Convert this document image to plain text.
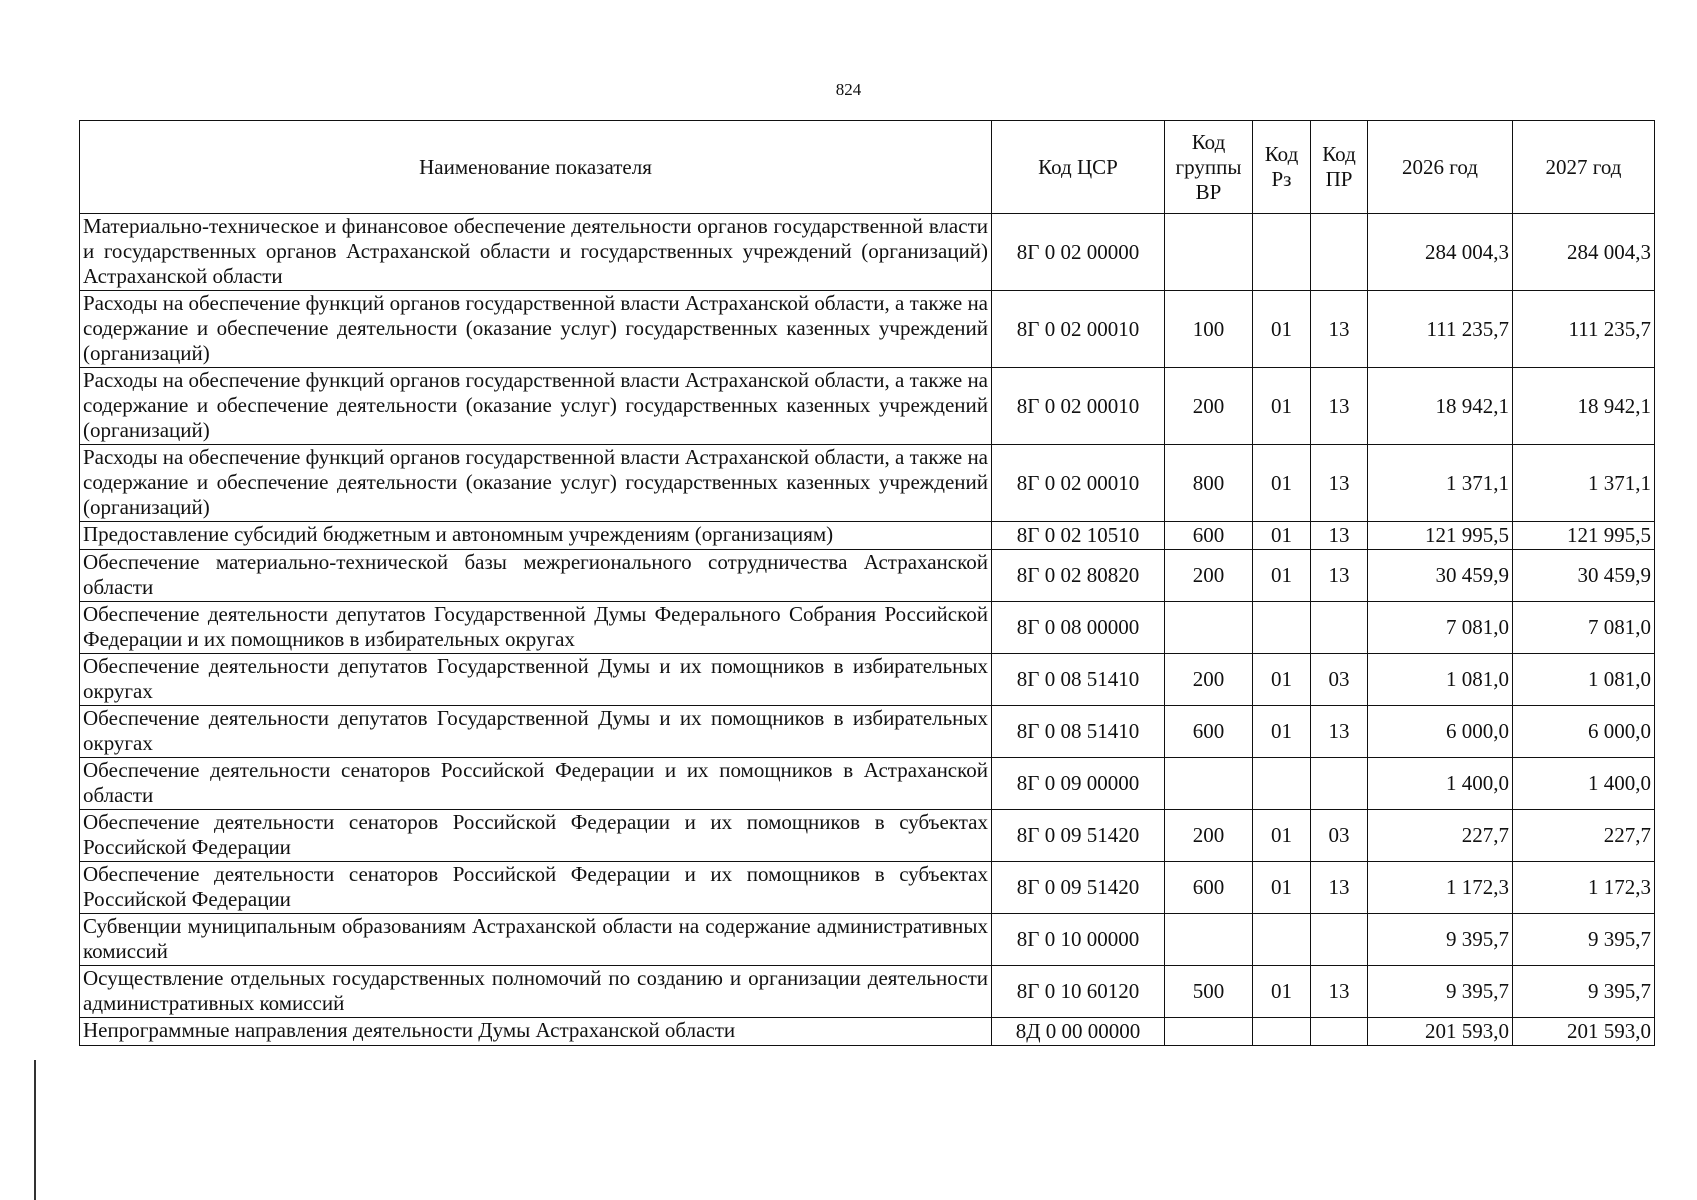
824
Наименование показателя	Код ЦСР	Код группы ВР	Код Рз	Код ПР	2026 год	2027 год
Материально-техническое и финансовое обеспечение деятельности органов государственной власти и государственных органов Астраханской области и государственных учреждений (организаций) Астраханской области	8Г 0 02 00000				284 004,3	284 004,3
Расходы на обеспечение функций органов государственной власти Астраханской области, а также на содержание и обеспечение деятельности (оказание услуг) государственных казенных учреждений (организаций)	8Г 0 02 00010	100	01	13	111 235,7	111 235,7
Расходы на обеспечение функций органов государственной власти Астраханской области, а также на содержание и обеспечение деятельности (оказание услуг) государственных казенных учреждений (организаций)	8Г 0 02 00010	200	01	13	18 942,1	18 942,1
Расходы на обеспечение функций органов государственной власти Астраханской области, а также на содержание и обеспечение деятельности (оказание услуг) государственных казенных учреждений (организаций)	8Г 0 02 00010	800	01	13	1 371,1	1 371,1
Предоставление субсидий бюджетным и автономным учреждениям (организациям)	8Г 0 02 10510	600	01	13	121 995,5	121 995,5
Обеспечение материально-технической базы межрегионального сотрудничества Астраханской области	8Г 0 02 80820	200	01	13	30 459,9	30 459,9
Обеспечение деятельности депутатов Государственной Думы Федерального Собрания Российской Федерации и их помощников в избирательных округах	8Г 0 08 00000				7 081,0	7 081,0
Обеспечение деятельности депутатов Государственной Думы и их помощников в избирательных округах	8Г 0 08 51410	200	01	03	1 081,0	1 081,0
Обеспечение деятельности депутатов Государственной Думы и их помощников в избирательных округах	8Г 0 08 51410	600	01	13	6 000,0	6 000,0
Обеспечение деятельности сенаторов Российской Федерации и их помощников в Астраханской области	8Г 0 09 00000				1 400,0	1 400,0
Обеспечение деятельности сенаторов Российской Федерации и их помощников в субъектах Российской Федерации	8Г 0 09 51420	200	01	03	227,7	227,7
Обеспечение деятельности сенаторов Российской Федерации и их помощников в субъектах Российской Федерации	8Г 0 09 51420	600	01	13	1 172,3	1 172,3
Субвенции муниципальным образованиям Астраханской области на содержание административных комиссий	8Г 0 10 00000				9 395,7	9 395,7
Осуществление отдельных государственных полномочий по созданию и организации деятельности административных комиссий	8Г 0 10 60120	500	01	13	9 395,7	9 395,7
Непрограммные направления деятельности Думы Астраханской области	8Д 0 00 00000				201 593,0	201 593,0
